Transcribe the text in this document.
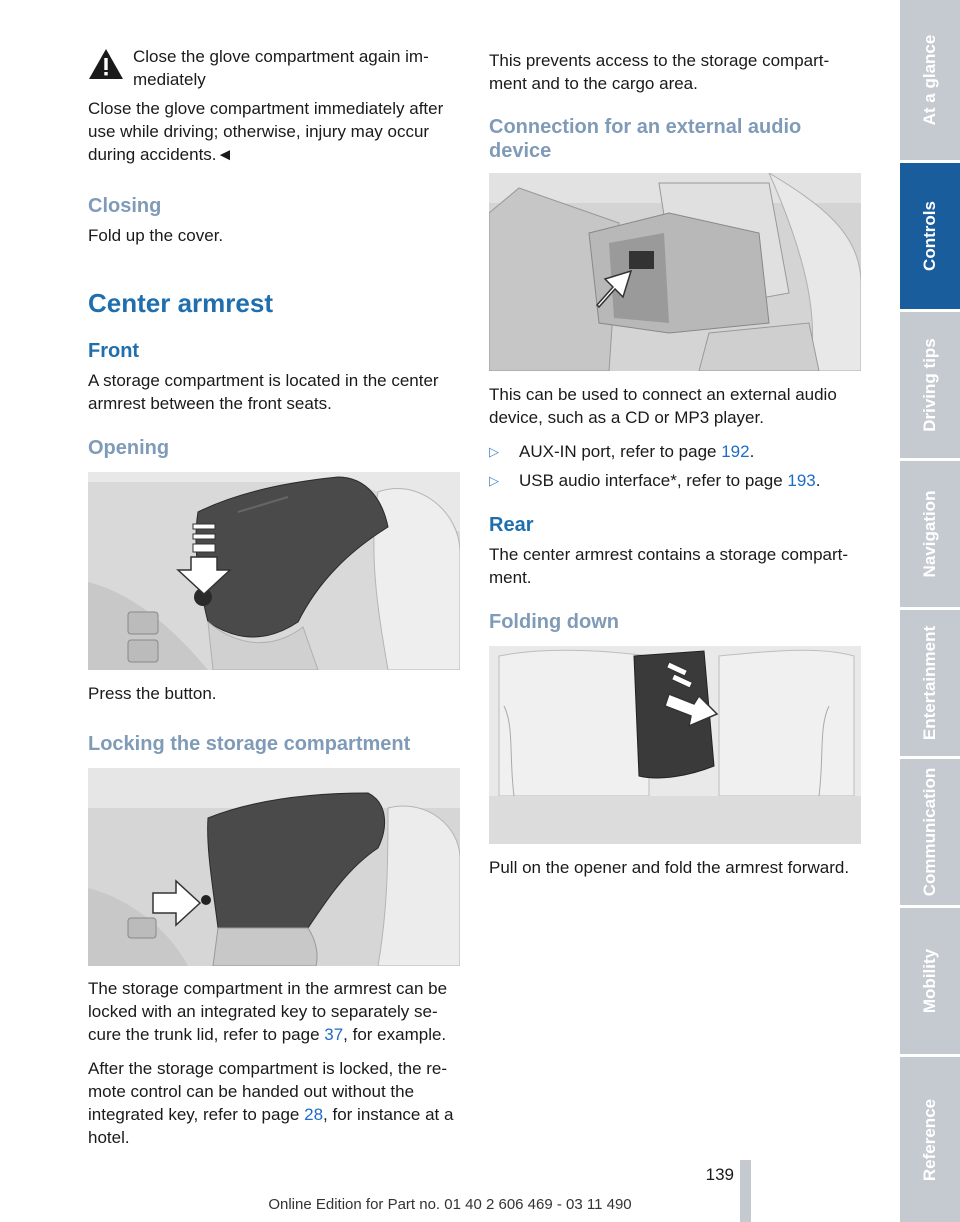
Close the glove compartment again im-
mediately

Close the glove compartment immediately after use while driving; otherwise, injury may occur during accidents.◄

Closing

Fold up the cover.

Center armrest
Front

A storage compartment is located in the center armrest between the front seats.

Opening

Press the button.

Locking the storage compartment

The storage compartment in the armrest can be locked with an integrated key to separately se-cure the trunk lid, refer to page 37, for example.

After the storage compartment is locked, the re-mote control can be handed out without the integrated key, refer to page 28, for instance at a hotel.

This prevents access to the storage compart-ment and to the cargo area.

Connection for an external audio device

This can be used to connect an external audio device, such as a CD or MP3 player.

▷ AUX-IN port, refer to page 192.
▷ USB audio interface*, refer to page 193.
Rear

The center armrest contains a storage compart-ment.

Folding down

Pull on the opener and fold the armrest forward.

At a glance
Controls
Driving tips
Navigation
Entertainment
Communication
Mobility
Reference
139
Online Edition for Part no. 01 40 2 606 469 - 03 11 490
